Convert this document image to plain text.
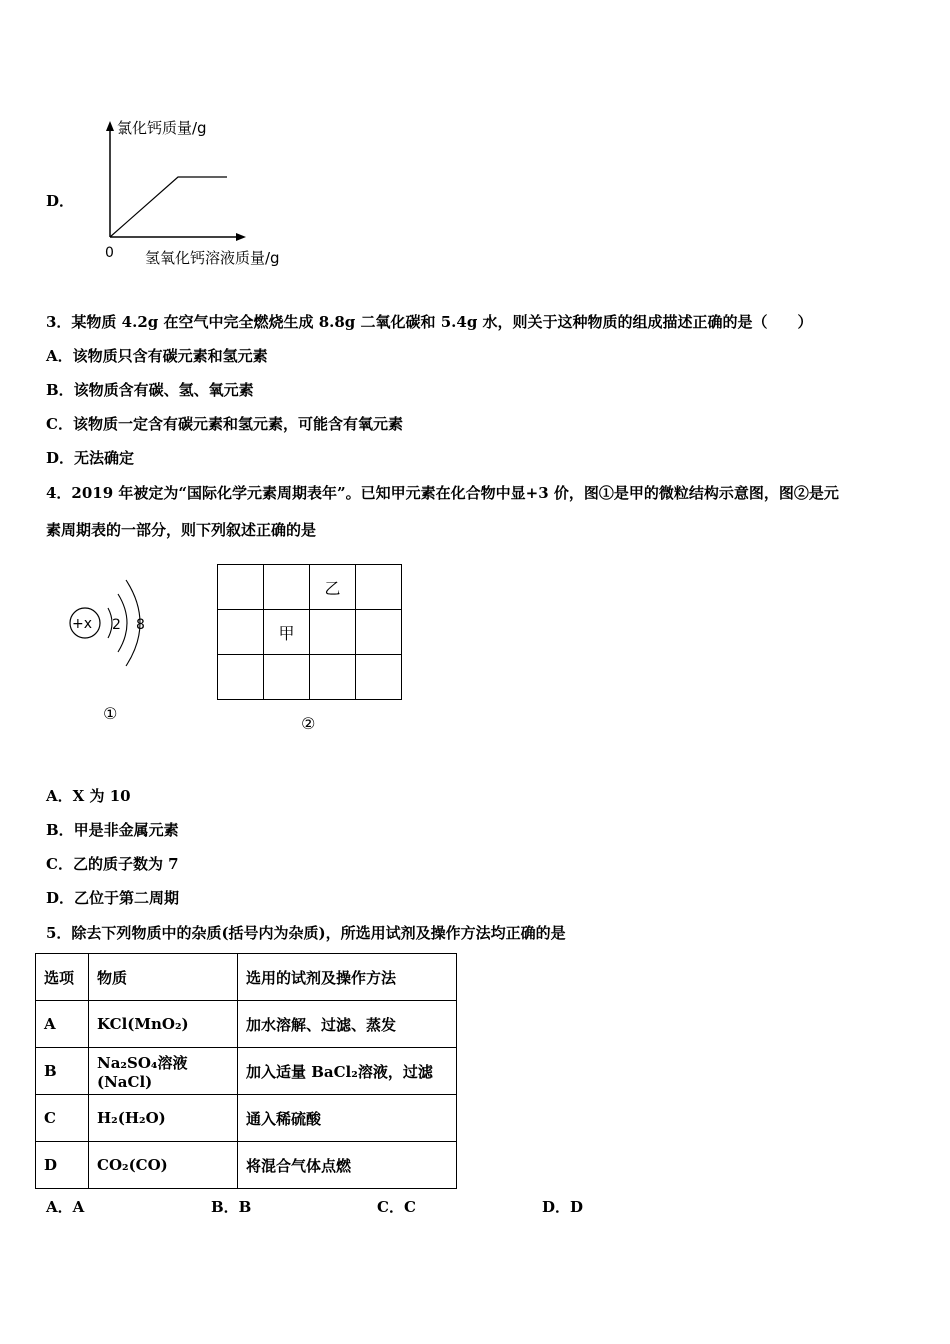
D．
氯化钙质量/g
0 氢氧化钙溶液质量/g
3．某物质 4.2g 在空气中完全燃烧生成 8.8g 二氧化碳和 5.4g 水，则关于这种物质的组成描述正确的是（　　）
A．该物质只含有碳元素和氢元素
B．该物质含有碳、氢、氧元素
C．该物质一定含有碳元素和氢元素，可能含有氧元素
D．无法确定
4．2019 年被定为“国际化学元素周期表年”。已知甲元素在化合物中显+3 价，图①是甲的微粒结构示意图，图②是元
素周期表的一部分，则下列叙述正确的是
+x 2 8
①
		乙	
	甲		

②
A．X 为 10
B．甲是非金属元素
C．乙的质子数为 7
D．乙位于第二周期
5．除去下列物质中的杂质(括号内为杂质)，所选用试剂及操作方法均正确的是
选项	物质	选用的试剂及操作方法
A	KCl(MnO₂)	加水溶解、过滤、蒸发
B	Na₂SO₄溶液(NaCl)	加入适量 BaCl₂溶液，过滤
C	H₂(H₂O)	通入稀硫酸
D	CO₂(CO)	将混合气体点燃
A．A	B．B	C．C	D．D
